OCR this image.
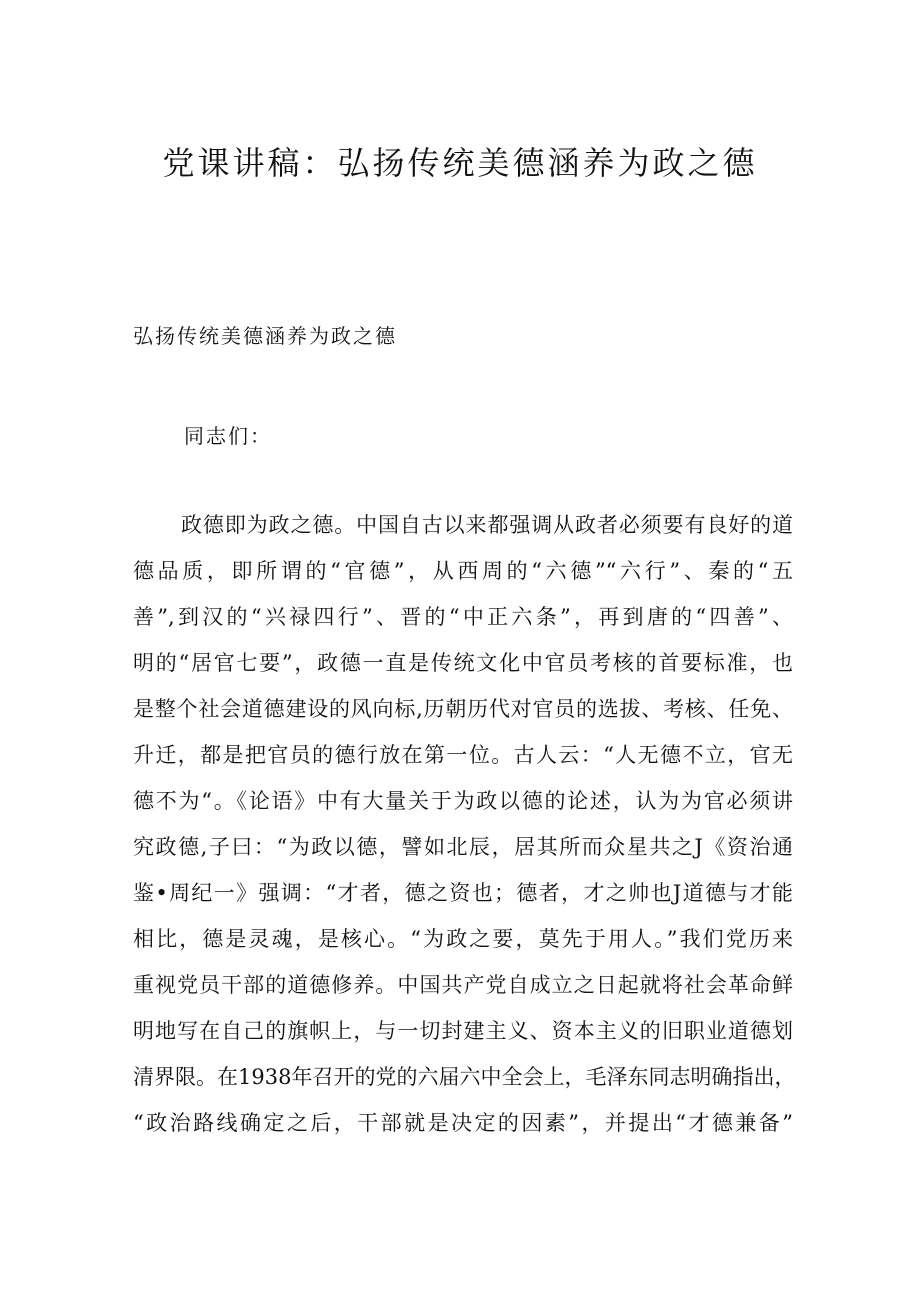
党课讲稿：弘扬传统美德涵养为政之德

弘扬传统美德涵养为政之德

同志们：

政德即为政之德。中国自古以来都强调从政者必须要有良好的道
德品质，即所谓的“官德”，从西周的“六德”“六行”、秦的“五
善”,到汉的“兴禄四行”、晋的“中正六条”，再到唐的“四善”、
明的“居官七要”，政德一直是传统文化中官员考核的首要标准，也
是整个社会道德建设的风向标,历朝历代对官员的选拔、考核、任免、
升迁，都是把官员的德行放在第一位。古人云：“人无德不立，官无
德不为“。《论语》中有大量关于为政以德的论述，认为为官必须讲
究政德,子曰：“为政以德，譬如北辰，居其所而众星共之J《资治通
鉴•周纪一》强调：“才者，德之资也；德者，才之帅也J道德与才能
相比，德是灵魂，是核心。“为政之要，莫先于用人。”我们党历来
重视党员干部的道德修养。中国共产党自成立之日起就将社会革命鲜
明地写在自己的旗帜上，与一切封建主义、资本主义的旧职业道德划
清界限。在1938年召开的党的六届六中全会上，毛泽东同志明确指出，
“政治路线确定之后，干部就是决定的因素”，并提出“才德兼备”
